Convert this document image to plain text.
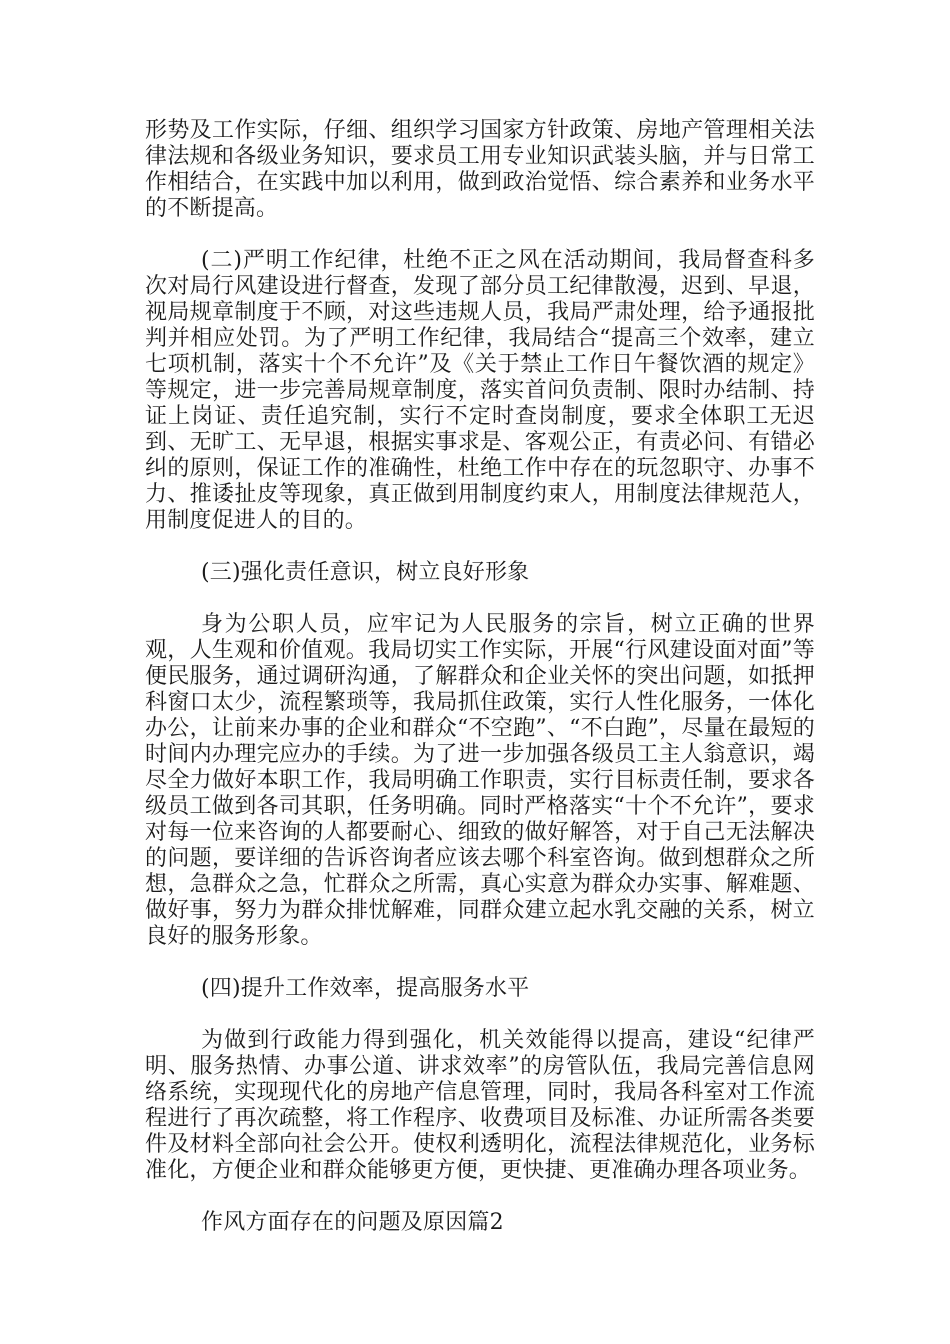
形势及工作实际，仔细、组织学习国家方针政策、房地产管理相关法律法规和各级业务知识，要求员工用专业知识武装头脑，并与日常工作相结合，在实践中加以利用，做到政治觉悟、综合素养和业务水平的不断提高。

(二)严明工作纪律，杜绝不正之风在活动期间，我局督查科多次对局行风建设进行督查，发现了部分员工纪律散漫，迟到、早退，视局规章制度于不顾，对这些违规人员，我局严肃处理，给予通报批判并相应处罚。为了严明工作纪律，我局结合“提高三个效率，建立七项机制，落实十个不允许”及《关于禁止工作日午餐饮酒的规定》等规定，进一步完善局规章制度，落实首问负责制、限时办结制、持证上岗证、责任追究制，实行不定时查岗制度，要求全体职工无迟到、无旷工、无早退，根据实事求是、客观公正，有责必问、有错必纠的原则，保证工作的准确性，杜绝工作中存在的玩忽职守、办事不力、推诿扯皮等现象，真正做到用制度约束人，用制度法律规范人，用制度促进人的目的。

(三)强化责任意识，树立良好形象

身为公职人员，应牢记为人民服务的宗旨，树立正确的世界观，人生观和价值观。我局切实工作实际，开展“行风建设面对面”等便民服务，通过调研沟通，了解群众和企业关怀的突出问题，如抵押科窗口太少，流程繁琐等，我局抓住政策，实行人性化服务，一体化办公，让前来办事的企业和群众“不空跑”、“不白跑”，尽量在最短的时间内办理完应办的手续。为了进一步加强各级员工主人翁意识，竭尽全力做好本职工作，我局明确工作职责，实行目标责任制，要求各级员工做到各司其职，任务明确。同时严格落实“十个不允许”，要求对每一位来咨询的人都要耐心、细致的做好解答，对于自己无法解决的问题，要详细的告诉咨询者应该去哪个科室咨询。做到想群众之所想，急群众之急，忙群众之所需，真心实意为群众办实事、解难题、做好事，努力为群众排忧解难，同群众建立起水乳交融的关系，树立良好的服务形象。

(四)提升工作效率，提高服务水平

为做到行政能力得到强化，机关效能得以提高，建设“纪律严明、服务热情、办事公道、讲求效率”的房管队伍，我局完善信息网络系统，实现现代化的房地产信息管理，同时，我局各科室对工作流程进行了再次疏整，将工作程序、收费项目及标准、办证所需各类要件及材料全部向社会公开。使权利透明化，流程法律规范化，业务标准化，方便企业和群众能够更方便，更快捷、更准确办理各项业务。

作风方面存在的问题及原因篇2
